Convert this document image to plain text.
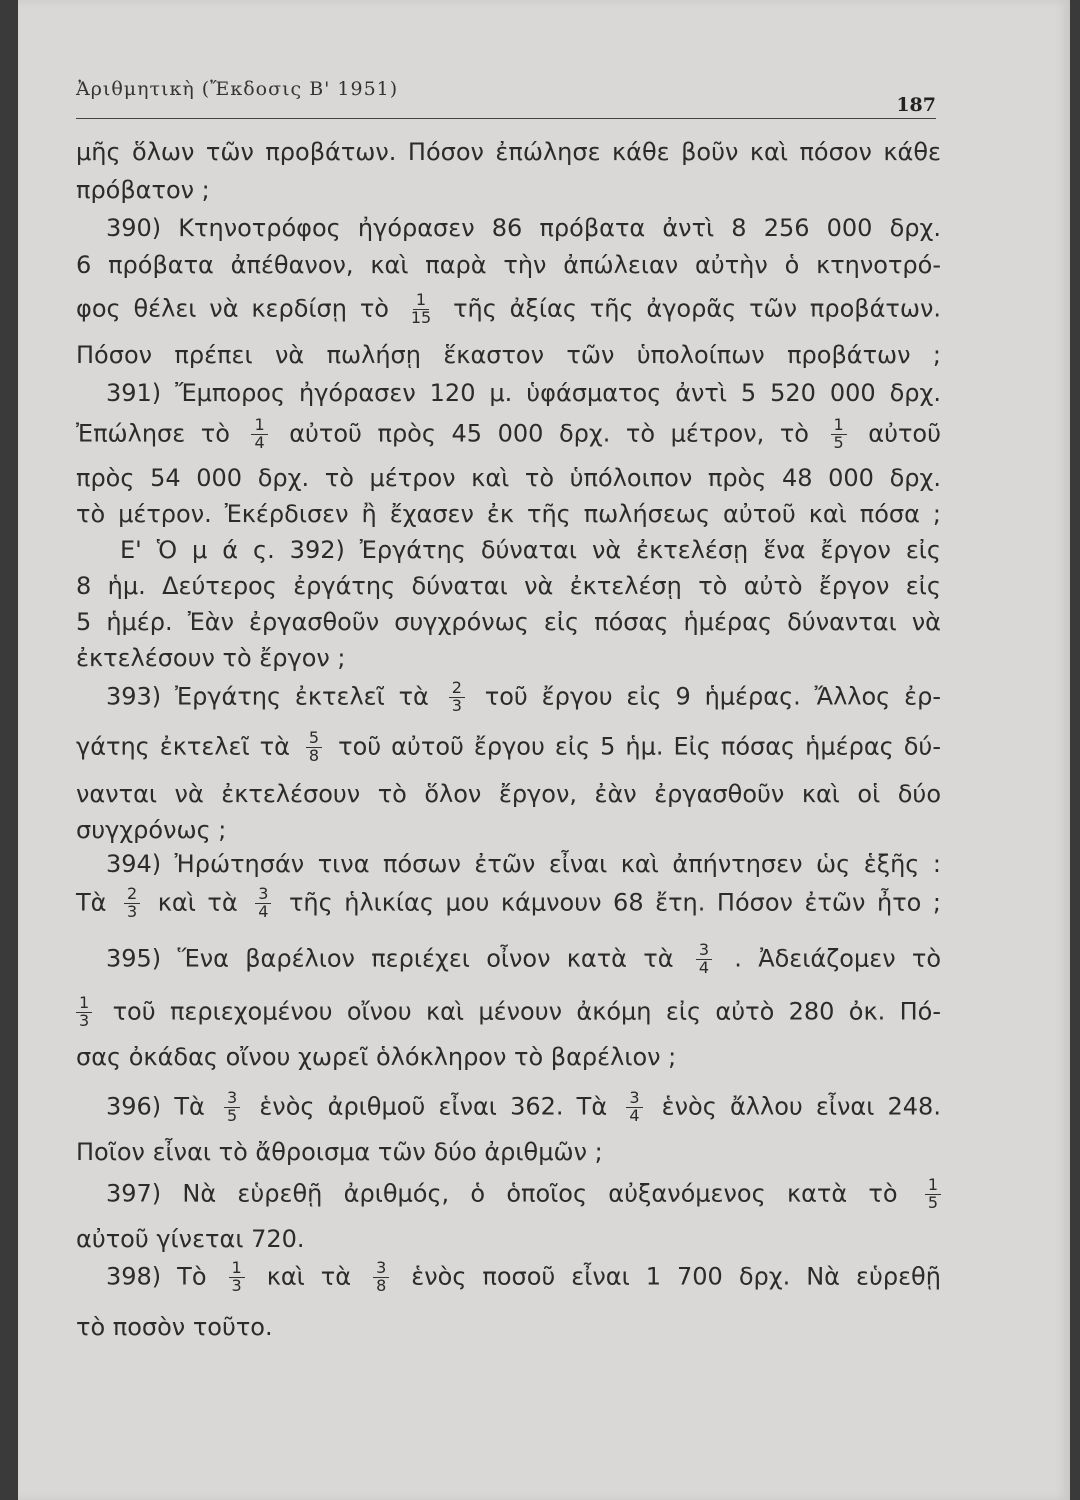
Ἀριθμητικὴ (Ἔκδοσις Β' 1951)
187
μῆς ὅλων τῶν προβάτων. Πόσον ἐπώλησε κάθε βοῦν καὶ πόσον κάθε
πρόβατον ;
390) Κτηνοτρόφος ἠγόρασεν 86 πρόβατα ἀντὶ 8 256 000 δρχ.
6 πρόβατα ἀπέθανον, καὶ παρὰ τὴν ἀπώλειαν αὐτὴν ὁ κτηνοτρό-
φος θέλει νὰ κερδίσῃ τὸ $\frac{1}{15}$ τῆς ἀξίας τῆς ἀγορᾶς τῶν προβάτων.
Πόσον πρέπει νὰ πωλήσῃ ἕκαστον τῶν ὑπολοίπων προβάτων ;
391) Ἔμπορος ἠγόρασεν 120 μ. ὑφάσματος ἀντὶ 5 520 000 δρχ.
Ἐπώλησε τὸ $\frac{1}{4}$ αὐτοῦ πρὸς 45 000 δρχ. τὸ μέτρον, τὸ $\frac{1}{5}$ αὐτοῦ
πρὸς 54 000 δρχ. τὸ μέτρον καὶ τὸ ὑπόλοιπον πρὸς 48 000 δρχ.
τὸ μέτρον. Ἐκέρδισεν ἢ ἔχασεν ἐκ τῆς πωλήσεως αὐτοῦ καὶ πόσα ;
Ε' Ὁ μ ά ς. 392) Ἐργάτης δύναται νὰ ἐκτελέσῃ ἕνα ἔργον εἰς
8 ἡμ. Δεύτερος ἐργάτης δύναται νὰ ἐκτελέσῃ τὸ αὐτὸ ἔργον εἰς
5 ἡμέρ. Ἐὰν ἐργασθοῦν συγχρόνως εἰς πόσας ἡμέρας δύνανται νὰ
ἐκτελέσουν τὸ ἔργον ;
393) Ἐργάτης ἐκτελεῖ τὰ $\frac{2}{3}$ τοῦ ἔργου εἰς 9 ἡμέρας. Ἄλλος ἐρ-
γάτης ἐκτελεῖ τὰ $\frac{5}{8}$ τοῦ αὐτοῦ ἔργου εἰς 5 ἡμ. Εἰς πόσας ἡμέρας δύ-
νανται νὰ ἐκτελέσουν τὸ ὅλον ἔργον, ἐὰν ἐργασθοῦν καὶ οἱ δύο
συγχρόνως ;
394) Ἠρώτησάν τινα πόσων ἐτῶν εἶναι καὶ ἀπήντησεν ὡς ἑξῆς :
Τὰ $\frac{2}{3}$ καὶ τὰ $\frac{3}{4}$ τῆς ἡλικίας μου κάμνουν 68 ἔτη. Πόσον ἐτῶν ἦτο ;
395) Ἕνα βαρέλιον περιέχει οἶνον κατὰ τὰ $\frac{3}{4}$ . Ἀδειάζομεν τὸ
$\frac{1}{3}$ τοῦ περιεχομένου οἴνου καὶ μένουν ἀκόμη εἰς αὐτὸ 280 ὀκ. Πό-
σας ὀκάδας οἴνου χωρεῖ ὁλόκληρον τὸ βαρέλιον ;
396) Τὰ $\frac{3}{5}$ ἑνὸς ἀριθμοῦ εἶναι 362. Τὰ $\frac{3}{4}$ ἑνὸς ἄλλου εἶναι 248.
Ποῖον εἶναι τὸ ἄθροισμα τῶν δύο ἀριθμῶν ;
397) Νὰ εὑρεθῇ ἀριθμός, ὁ ὁποῖος αὐξανόμενος κατὰ τὸ $\frac{1}{5}$
αὐτοῦ γίνεται 720.
398) Τὸ $\frac{1}{3}$ καὶ τὰ $\frac{3}{8}$ ἑνὸς ποσοῦ εἶναι 1 700 δρχ. Νὰ εὑρεθῇ
τὸ ποσὸν τοῦτο.
